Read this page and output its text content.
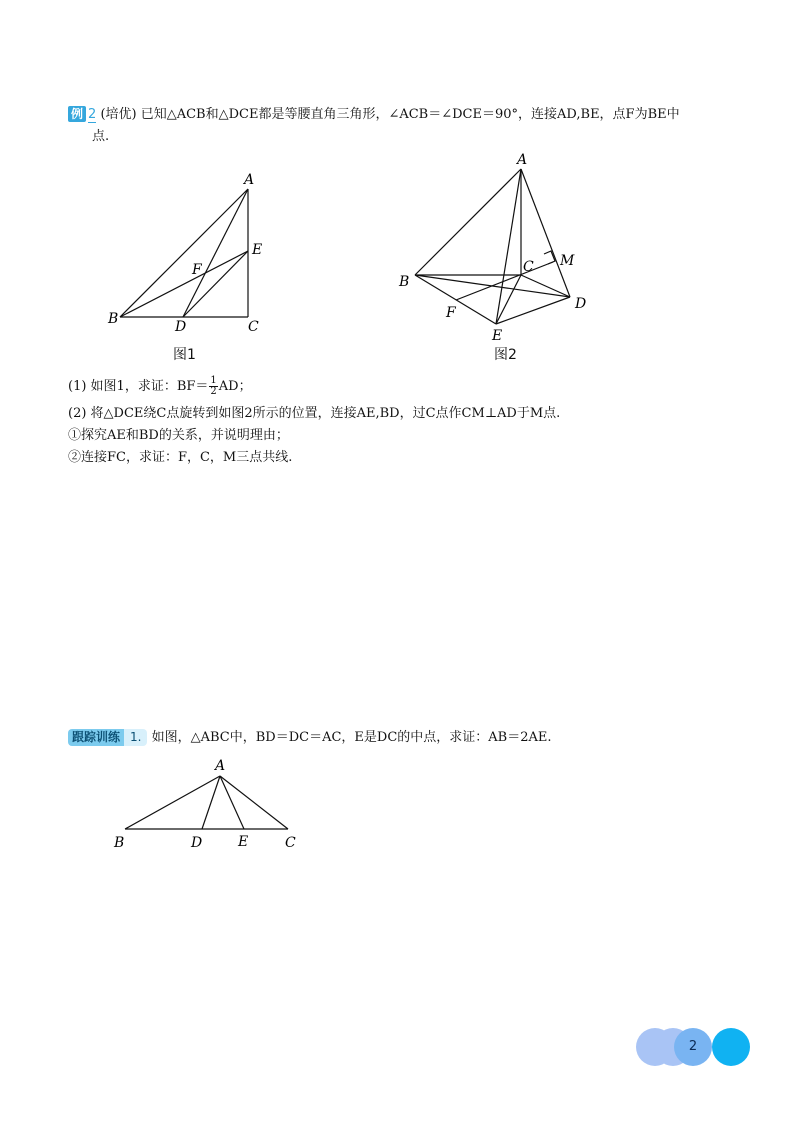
例 2 (培优) 已知△ACB和△DCE都是等腰直角三角形，∠ACB＝∠DCE＝90°，连接AD,BE，点F为BE中
点.
A
B	C
D
E
F
图1
A
B
C
D
E
F
M
图2
(1) 如图1，求证：$BF= \frac{1}{2}$ AD；
(2) 将△DCE绕C点旋转到如图2所示的位置，连接AE,BD，过C点作CM⊥AD于M点.
①探究AE和BD的关系，并说明理由；
②连接FC，求证：F，C，M三点共线.
跟踪训练 1. 如图，△ABC中，BD＝DC＝AC，E是DC的中点，求证：AB＝2AE.
A
B	C
D	E
2
